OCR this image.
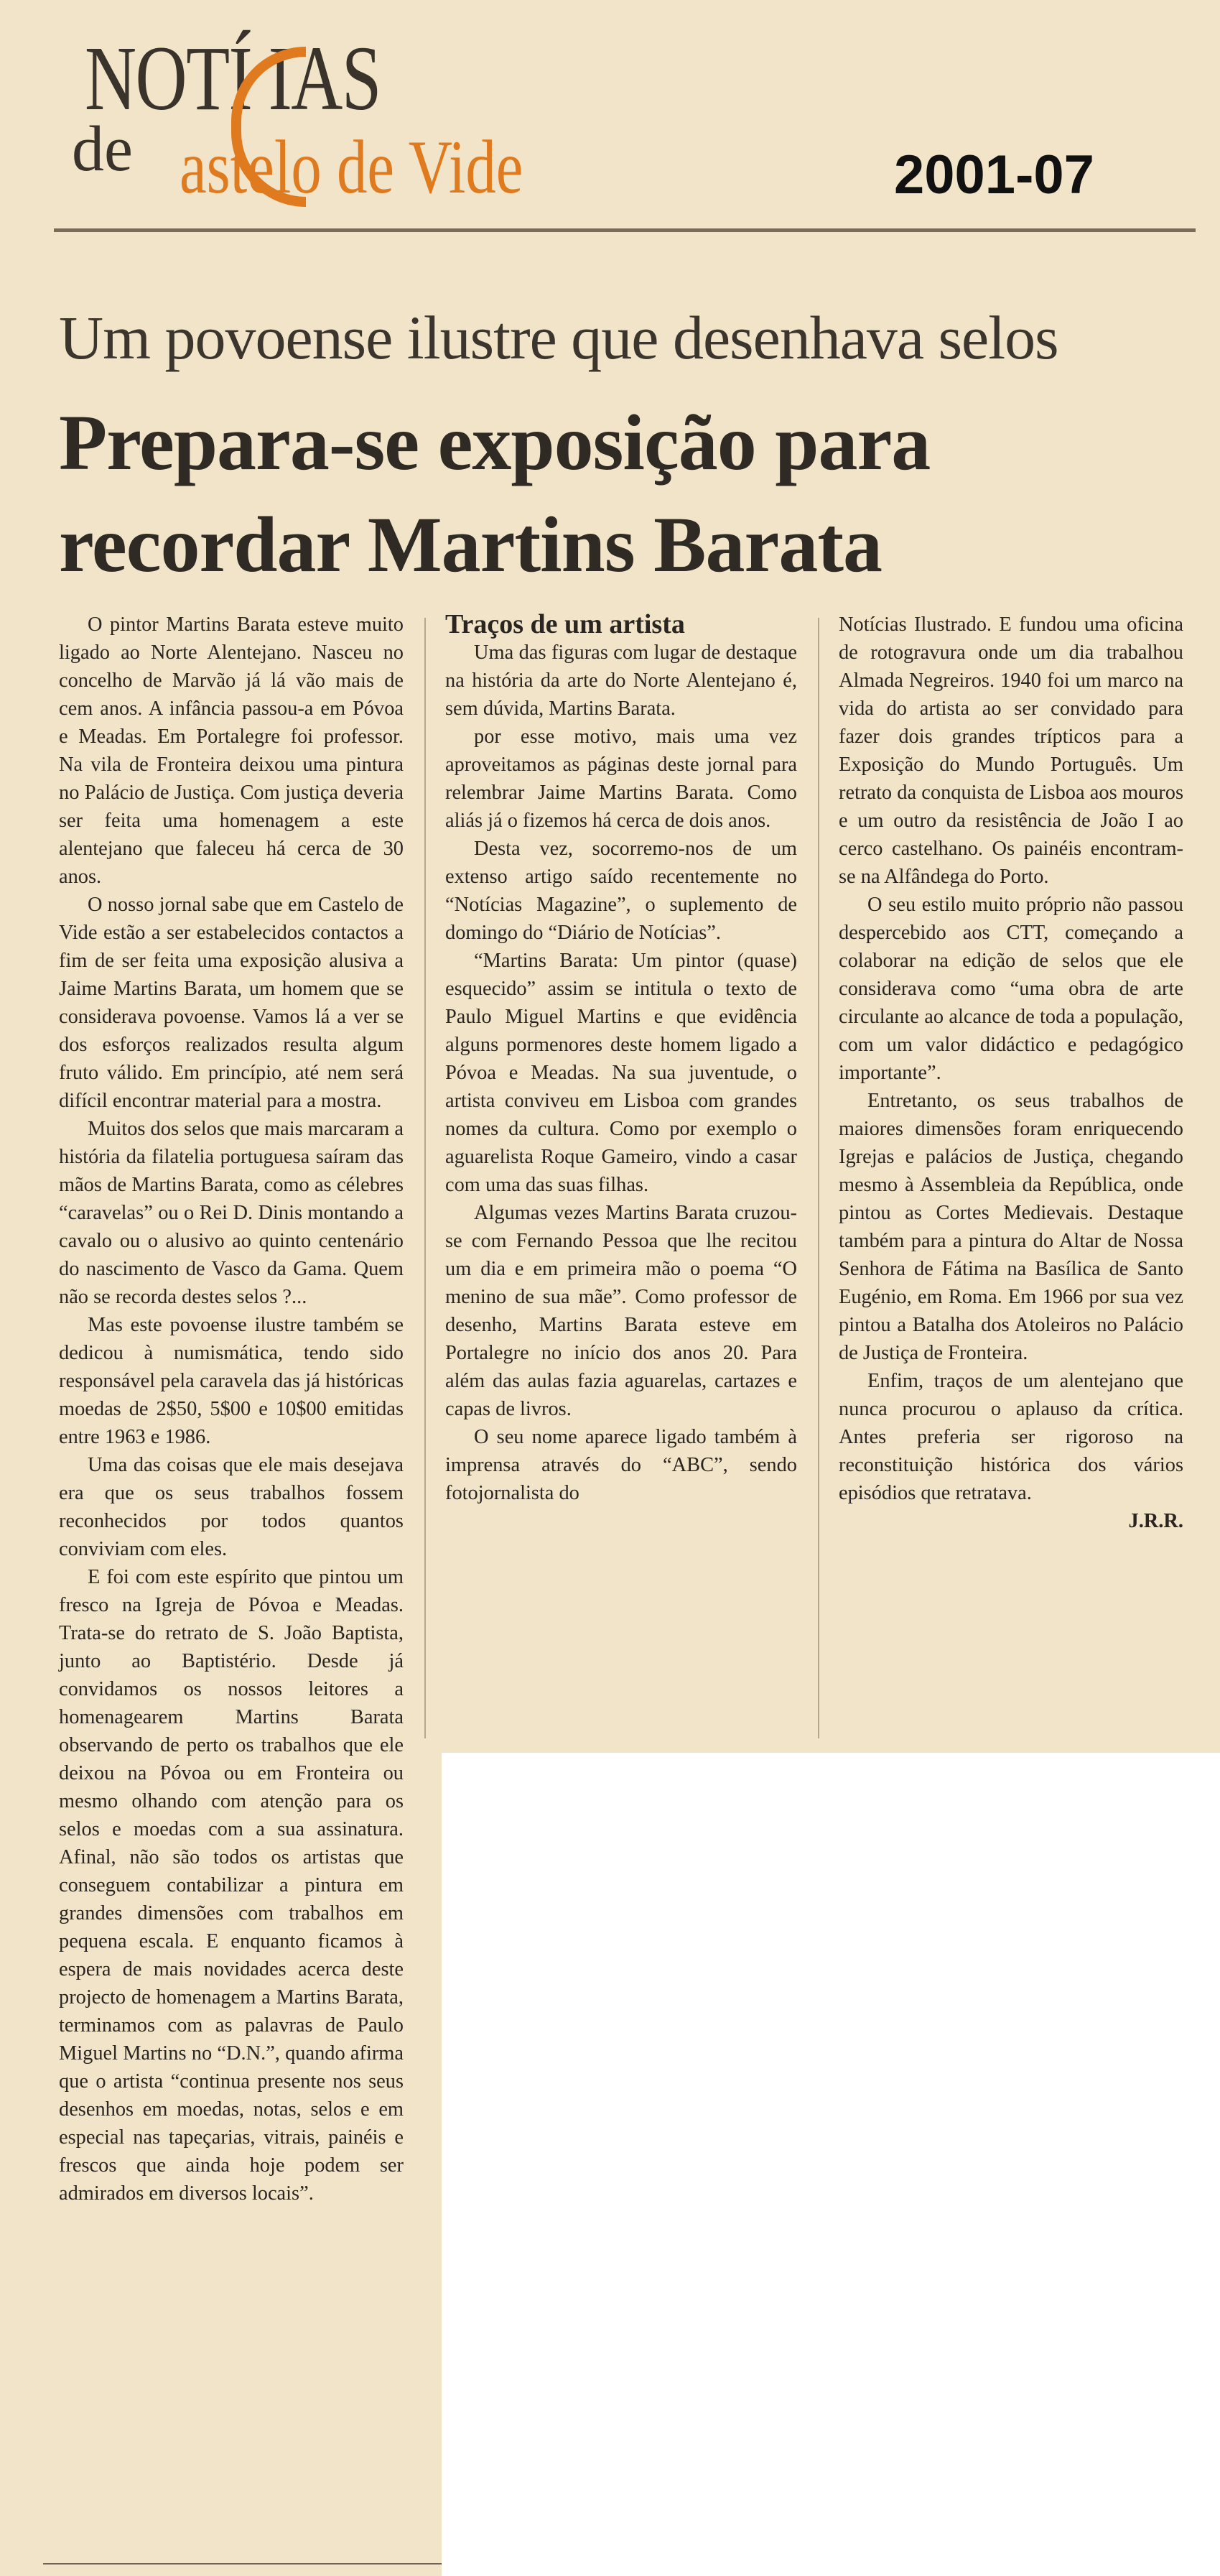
NOTÍ IAS
de astelo de Vide	2001-07
Um povoense ilustre que desenhava selos
Prepara-se exposição para recordar Martins Barata

O pintor Martins Barata esteve muito ligado ao Norte Alentejano. Nasceu no concelho de Marvão já lá vão mais de cem anos. A infância passou-a em Póvoa e Meadas. Em Portalegre foi professor. Na vila de Fronteira deixou uma pintura no Palácio de Justiça. Com justiça deveria ser feita uma homenagem a este alentejano que faleceu há cerca de 30 anos.

O nosso jornal sabe que em Castelo de Vide estão a ser estabelecidos contactos a fim de ser feita uma exposição alusiva a Jaime Martins Barata, um homem que se considerava povoense. Vamos lá a ver se dos esforços realizados resulta algum fruto válido. Em princípio, até nem será difícil encontrar material para a mostra.

Muitos dos selos que mais marcaram a história da filatelia portuguesa saíram das mãos de Martins Barata, como as célebres “caravelas” ou o Rei D. Dinis montando a cavalo ou o alusivo ao quinto centenário do nascimento de Vasco da Gama. Quem não se recorda destes selos ?...

Mas este povoense ilustre também se dedicou à numismática, tendo sido responsável pela caravela das já históricas moedas de 2$50, 5$00 e 10$00 emitidas entre 1963 e 1986.

Uma das coisas que ele mais desejava era que os seus trabalhos fossem reconhecidos por todos quantos conviviam com eles.

E foi com este espírito que pintou um fresco na Igreja de Póvoa e Meadas. Trata-se do retrato de S. João Baptista, junto ao Baptistério. Desde já convidamos os nossos leitores a homenagearem Martins Barata observando de perto os trabalhos que ele deixou na Póvoa ou em Fronteira ou mesmo olhando com atenção para os selos e moedas com a sua assinatura. Afinal, não são todos os artistas que conseguem contabilizar a pintura em grandes dimensões com trabalhos em pequena escala. E enquanto ficamos à espera de mais novidades acerca deste projecto de homenagem a Martins Barata, terminamos com as palavras de Paulo Miguel Martins no “D.N.”, quando afirma que o artista “continua presente nos seus desenhos em moedas, notas, selos e em especial nas tapeçarias, vitrais, painéis e frescos que ainda hoje podem ser admirados em diversos locais”.

Traços de um artista

Uma das figuras com lugar de destaque na história da arte do Norte Alentejano é, sem dúvida, Martins Barata.

por esse motivo, mais uma vez aproveitamos as páginas deste jornal para relembrar Jaime Martins Barata. Como aliás já o fizemos há cerca de dois anos.

Desta vez, socorremo-nos de um extenso artigo saído recentemente no “Notícias Magazine”, o suplemento de domingo do “Diário de Notícias”.

“Martins Barata: Um pintor (quase) esquecido” assim se intitula o texto de Paulo Miguel Martins e que evidência alguns pormenores deste homem ligado a Póvoa e Meadas. Na sua juventude, o artista conviveu em Lisboa com grandes nomes da cultura. Como por exemplo o aguarelista Roque Gameiro, vindo a casar com uma das suas filhas.

Algumas vezes Martins Barata cruzou-se com Fernando Pessoa que lhe recitou um dia e em primeira mão o poema “O menino de sua mãe”. Como professor de desenho, Martins Barata esteve em Portalegre no início dos anos 20. Para além das aulas fazia aguarelas, cartazes e capas de livros.

O seu nome aparece ligado também à imprensa através do “ABC”, sendo fotojornalista do

Notícias Ilustrado. E fundou uma oficina de rotogravura onde um dia trabalhou Almada Negreiros. 1940 foi um marco na vida do artista ao ser convidado para fazer dois grandes trípticos para a Exposição do Mundo Português. Um retrato da conquista de Lisboa aos mouros e um outro da resistência de João I ao cerco castelhano. Os painéis encontram-se na Alfândega do Porto.

O seu estilo muito próprio não passou despercebido aos CTT, começando a colaborar na edição de selos que ele considerava como “uma obra de arte circulante ao alcance de toda a população, com um valor didáctico e pedagógico importante”.

Entretanto, os seus trabalhos de maiores dimensões foram enriquecendo Igrejas e palácios de Justiça, chegando mesmo à Assembleia da República, onde pintou as Cortes Medievais. Destaque também para a pintura do Altar de Nossa Senhora de Fátima na Basílica de Santo Eugénio, em Roma. Em 1966 por sua vez pintou a Batalha dos Atoleiros no Palácio de Justiça de Fronteira.

Enfim, traços de um alentejano que nunca procurou o aplauso da crítica. Antes preferia ser rigoroso na reconstituição histórica dos vários episódios que retratava.

J.R.R.
